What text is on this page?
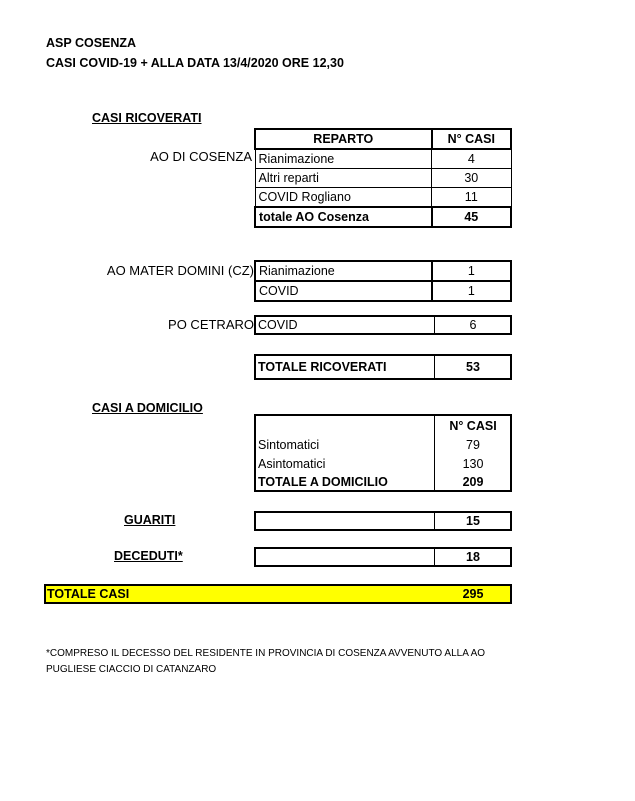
ASP COSENZA
CASI COVID-19 + ALLA DATA 13/4/2020 ORE 12,30
CASI RICOVERATI
AO DI COSENZA
REPARTO	N° CASI
Rianimazione	4
Altri reparti	30
COVID Rogliano	11
totale AO Cosenza	45
AO MATER DOMINI (CZ) Rianimazione	1
COVID	1
PO CETRARO COVID	6
TOTALE RICOVERATI	53
CASI A DOMICILIO
N° CASI
Sintomatici	79
Asintomatici	130
TOTALE A DOMICILIO	209
GUARITI	15
DECEDUTI*	18
TOTALE CASI	295
*COMPRESO IL DECESSO DEL RESIDENTE IN PROVINCIA DI COSENZA AVVENUTO ALLA AO
PUGLIESE CIACCIO DI CATANZARO
